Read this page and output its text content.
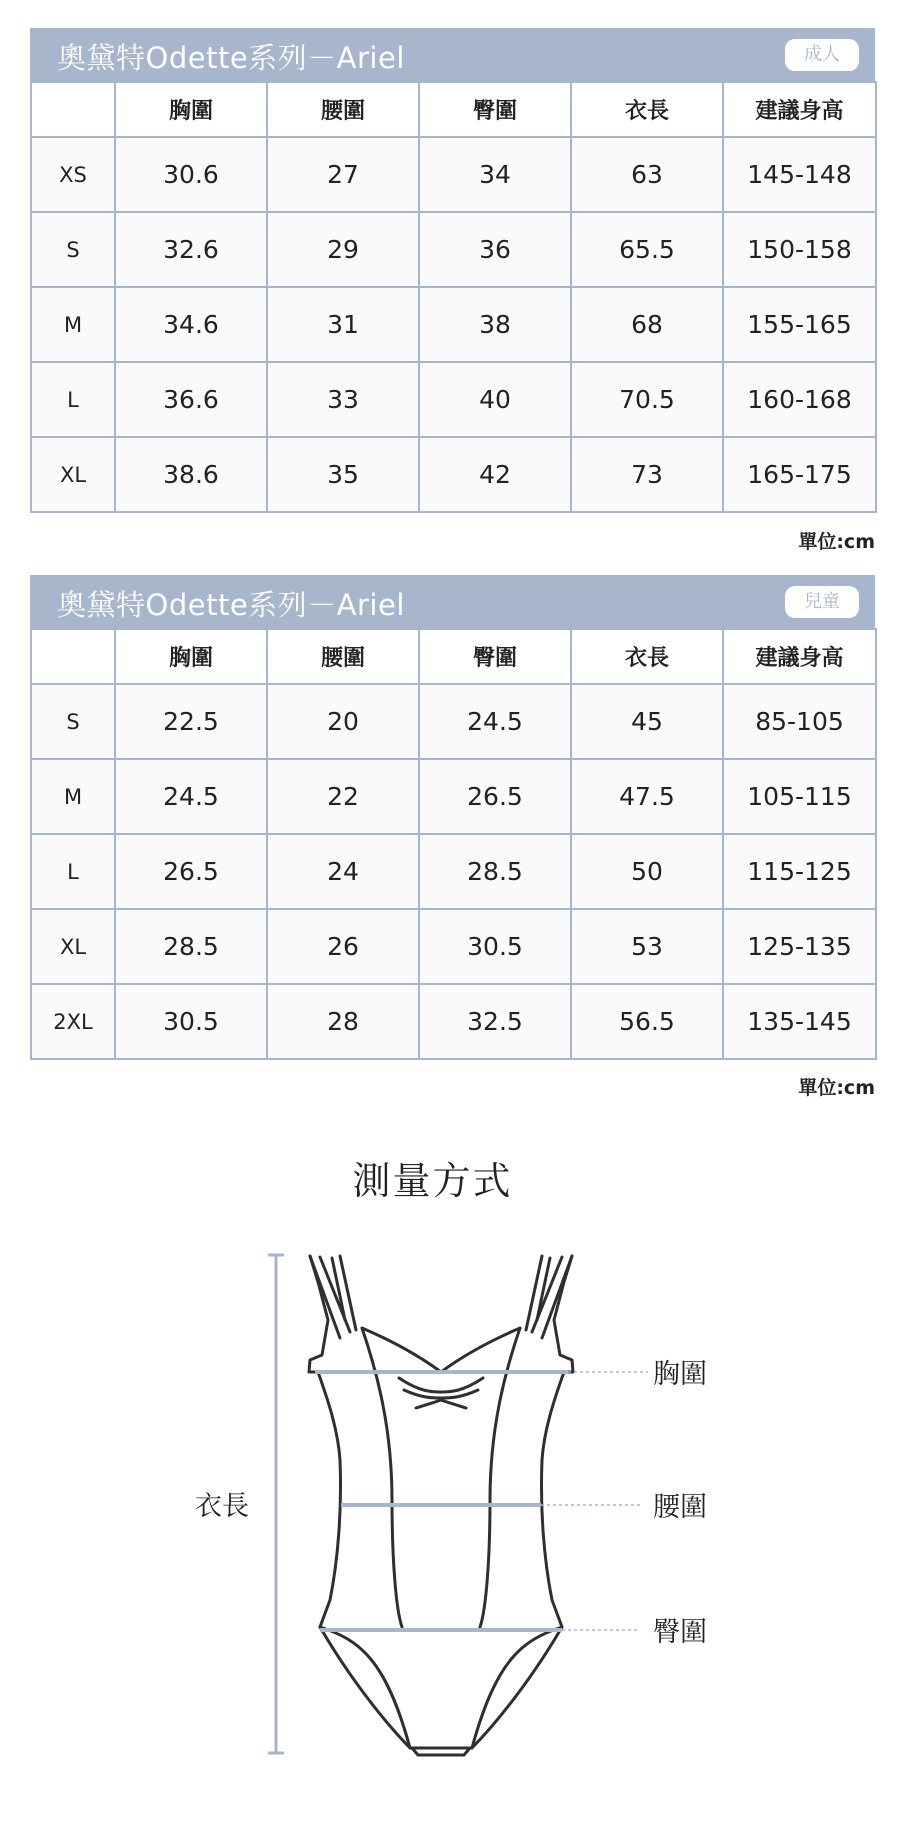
奧黛特Odette系列－Ariel	成人
	胸圍	腰圍	臀圍	衣長	建議身高
XS	30.6	27	34	63	145-148
S	32.6	29	36	65.5	150-158
M	34.6	31	38	68	155-165
L	36.6	33	40	70.5	160-168
XL	38.6	35	42	73	165-175
單位:cm
奧黛特Odette系列－Ariel	兒童
	胸圍	腰圍	臀圍	衣長	建議身高
S	22.5	20	24.5	45	85-105
M	24.5	22	26.5	47.5	105-115
L	26.5	24	28.5	50	115-125
XL	28.5	26	30.5	53	125-135
2XL	30.5	28	32.5	56.5	135-145
單位:cm
測量方式
衣長
胸圍
腰圍
臀圍
